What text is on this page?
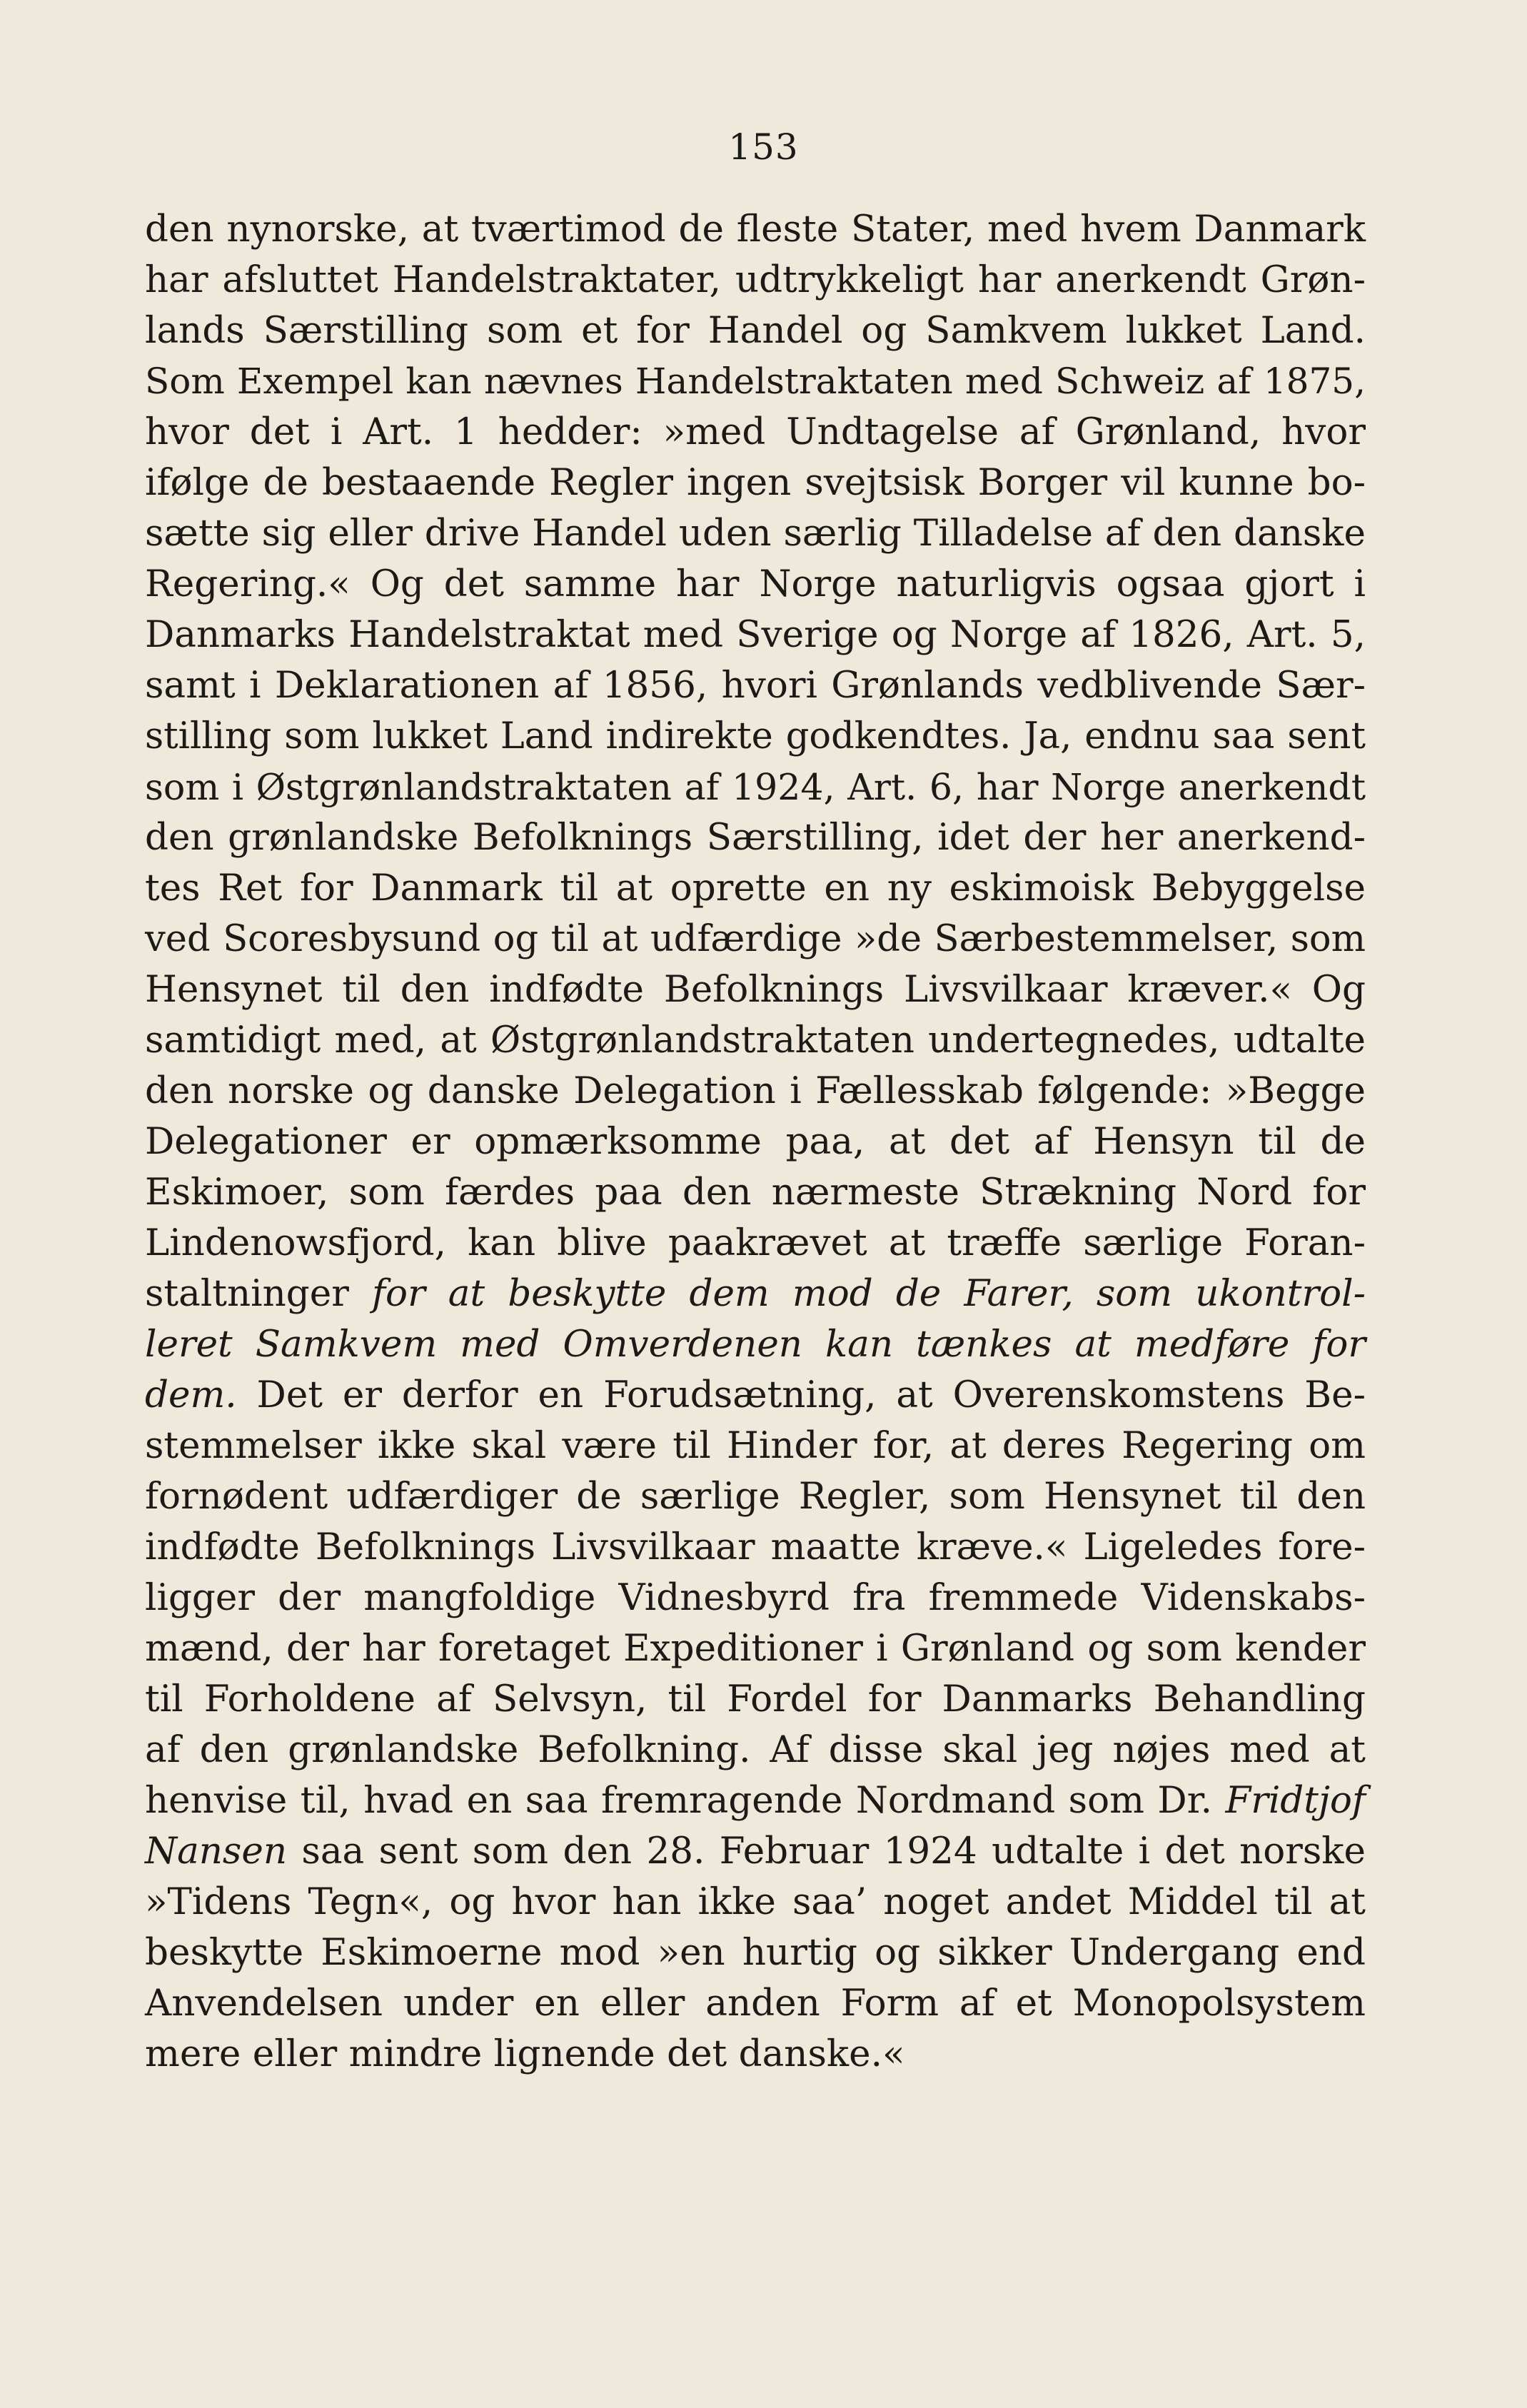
153
den nynorske, at tværtimod de fleste Stater, med hvem Danmark
har afsluttet Handelstraktater, udtrykkeligt har anerkendt Grøn-
lands Særstilling som et for Handel og Samkvem lukket Land.
Som Exempel kan nævnes Handelstraktaten med Schweiz af 1875,
hvor det i Art. 1 hedder: »med Undtagelse af Grønland, hvor
ifølge de bestaaende Regler ingen svejtsisk Borger vil kunne bo-
sætte sig eller drive Handel uden særlig Tilladelse af den danske
Regering.« Og det samme har Norge naturligvis ogsaa gjort i
Danmarks Handelstraktat med Sverige og Norge af 1826, Art. 5,
samt i Deklarationen af 1856, hvori Grønlands vedblivende Sær-
stilling som lukket Land indirekte godkendtes. Ja, endnu saa sent
som i Østgrønlandstraktaten af 1924, Art. 6, har Norge anerkendt
den grønlandske Befolknings Særstilling, idet der her anerkend-
tes Ret for Danmark til at oprette en ny eskimoisk Bebyggelse
ved Scoresbysund og til at udfærdige »de Særbestemmelser, som
Hensynet til den indfødte Befolknings Livsvilkaar kræver.« Og
samtidigt med, at Østgrønlandstraktaten undertegnedes, udtalte
den norske og danske Delegation i Fællesskab følgende: »Begge
Delegationer er opmærksomme paa, at det af Hensyn til de
Eskimoer, som færdes paa den nærmeste Strækning Nord for
Lindenowsfjord, kan blive paakrævet at træffe særlige Foran-
staltninger for at beskytte dem mod de Farer, som ukontrol-
leret Samkvem med Omverdenen kan tænkes at medføre for
dem. Det er derfor en Forudsætning, at Overenskomstens Be-
stemmelser ikke skal være til Hinder for, at deres Regering om
fornødent udfærdiger de særlige Regler, som Hensynet til den
indfødte Befolknings Livsvilkaar maatte kræve.« Ligeledes fore-
ligger der mangfoldige Vidnesbyrd fra fremmede Videnskabs-
mænd, der har foretaget Expeditioner i Grønland og som kender
til Forholdene af Selvsyn, til Fordel for Danmarks Behandling
af den grønlandske Befolkning. Af disse skal jeg nøjes med at
henvise til, hvad en saa fremragende Nordmand som Dr. Fridtjof
Nansen saa sent som den 28. Februar 1924 udtalte i det norske
»Tidens Tegn«, og hvor han ikke saa’ noget andet Middel til at
beskytte Eskimoerne mod »en hurtig og sikker Undergang end
Anvendelsen under en eller anden Form af et Monopolsystem
mere eller mindre lignende det danske.«
